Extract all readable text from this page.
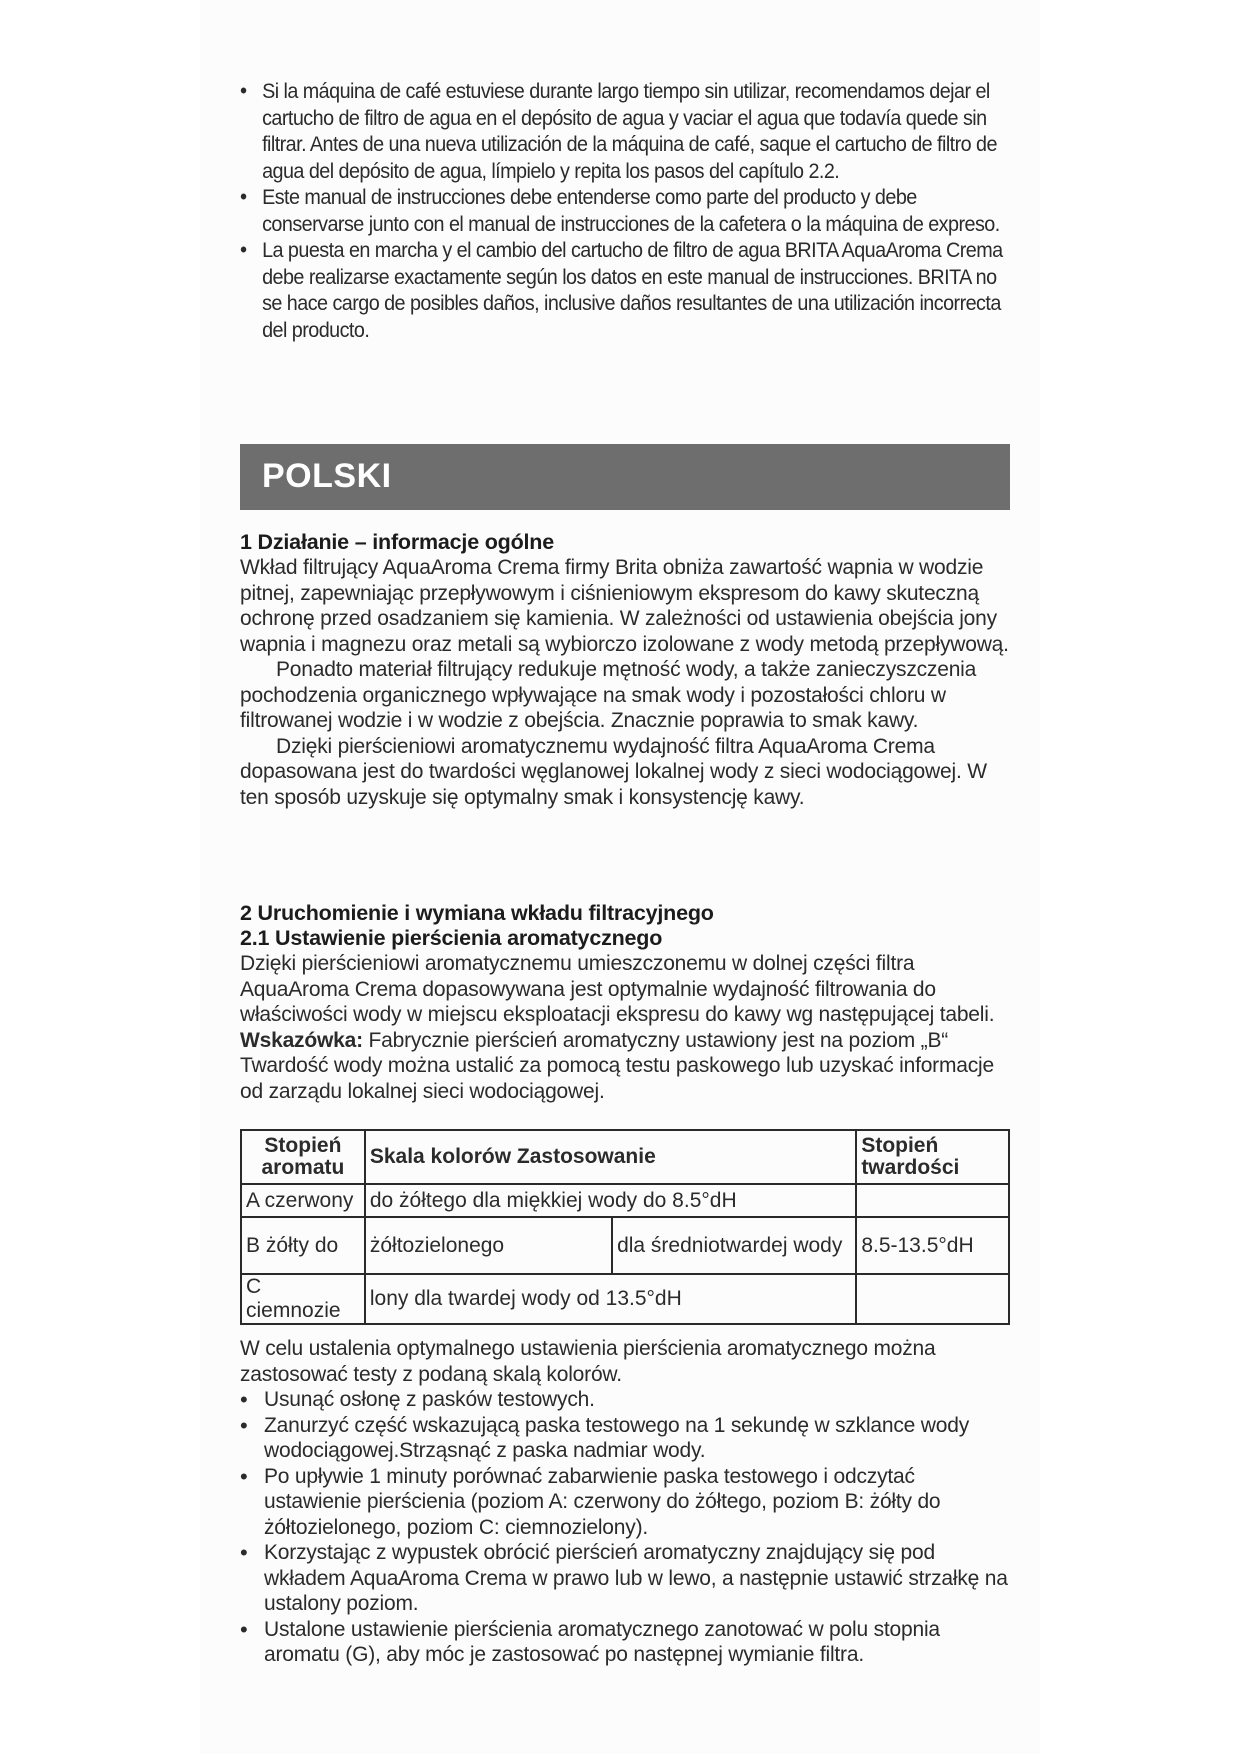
• Si la máquina de café estuviese durante largo tiempo sin utilizar, recomendamos dejar el cartucho de filtro de agua en el depósito de agua y vaciar el agua que todavía quede sin filtrar. Antes de una nueva utilización de la máquina de café, saque el cartucho de filtro de agua del depósito de agua, límpielo y repita los pasos del capítulo 2.2.
• Este manual de instrucciones debe entenderse como parte del producto y debe conservarse junto con el manual de instrucciones de la cafetera o la máquina de expreso.
• La puesta en marcha y el cambio del cartucho de filtro de agua BRITA AquaAroma Crema debe realizarse exactamente según los datos en este manual de instrucciones. BRITA no se hace cargo de posibles daños, inclusive daños resultantes de una utilización incorrecta del producto.
POLSKI

1 Działanie – informacje ogólne

Wkład filtrujący AquaAroma Crema firmy Brita obniża zawartość wapnia w wodzie pitnej, zapewniając przepływowym i ciśnieniowym ekspresom do kawy skuteczną ochronę przed osadzaniem się kamienia. W zależności od ustawienia obejścia jony wapnia i magnezu oraz metali są wybiorczo izolowane z wody metodą przepływową.

Ponadto materiał filtrujący redukuje mętność wody, a także zanieczyszczenia pochodzenia organicznego wpływające na smak wody i pozostałości chloru w filtrowanej wodzie i w wodzie z obejścia. Znacznie poprawia to smak kawy.

Dzięki pierścieniowi aromatycznemu wydajność filtra AquaAroma Crema dopasowana jest do twardości węglanowej lokalnej wody z sieci wodociągowej. W ten sposób uzyskuje się optymalny smak i konsystencję kawy.

2 Uruchomienie i wymiana wkładu filtracyjnego

2.1 Ustawienie pierścienia aromatycznego

Dzięki pierścieniowi aromatycznemu umieszczonemu w dolnej części filtra AquaAroma Crema dopasowywana jest optymalnie wydajność filtrowania do właściwości wody w miejscu eksploatacji ekspresu do kawy wg następującej tabeli. Wskazówka: Fabrycznie pierścień aromatyczny ustawiony jest na poziom „B“ Twardość wody można ustalić za pomocą testu paskowego lub uzyskać informacje od zarządu lokalnej sieci wodociągowej.

Stopień aromatu	Skala kolorów Zastosowanie		Stopień twardości
A czerwony	do żółtego dla miękkiej wody do 8.5°dH		
B żółty do	żółtozielonego	dla średniotwardej wody	8.5-13.5°dH
C ciemnozie	lony dla twardej wody od 13.5°dH		

W celu ustalenia optymalnego ustawienia pierścienia aromatycznego można zastosować testy z podaną skalą kolorów.

• Usunąć osłonę z pasków testowych.
• Zanurzyć część wskazującą paska testowego na 1 sekundę w szklance wody wodociągowej.Strząsnąć z paska nadmiar wody.
• Po upływie 1 minuty porównać zabarwienie paska testowego i odczytać ustawienie pierścienia (poziom A: czerwony do żółtego, poziom B: żółty do żółtozielonego, poziom C: ciemnozielony).
• Korzystając z wypustek obrócić pierścień aromatyczny znajdujący się pod wkładem AquaAroma Crema w prawo lub w lewo, a następnie ustawić strzałkę na ustalony poziom.
• Ustalone ustawienie pierścienia aromatycznego zanotować w polu stopnia aromatu (G), aby móc je zastosować po następnej wymianie filtra.
